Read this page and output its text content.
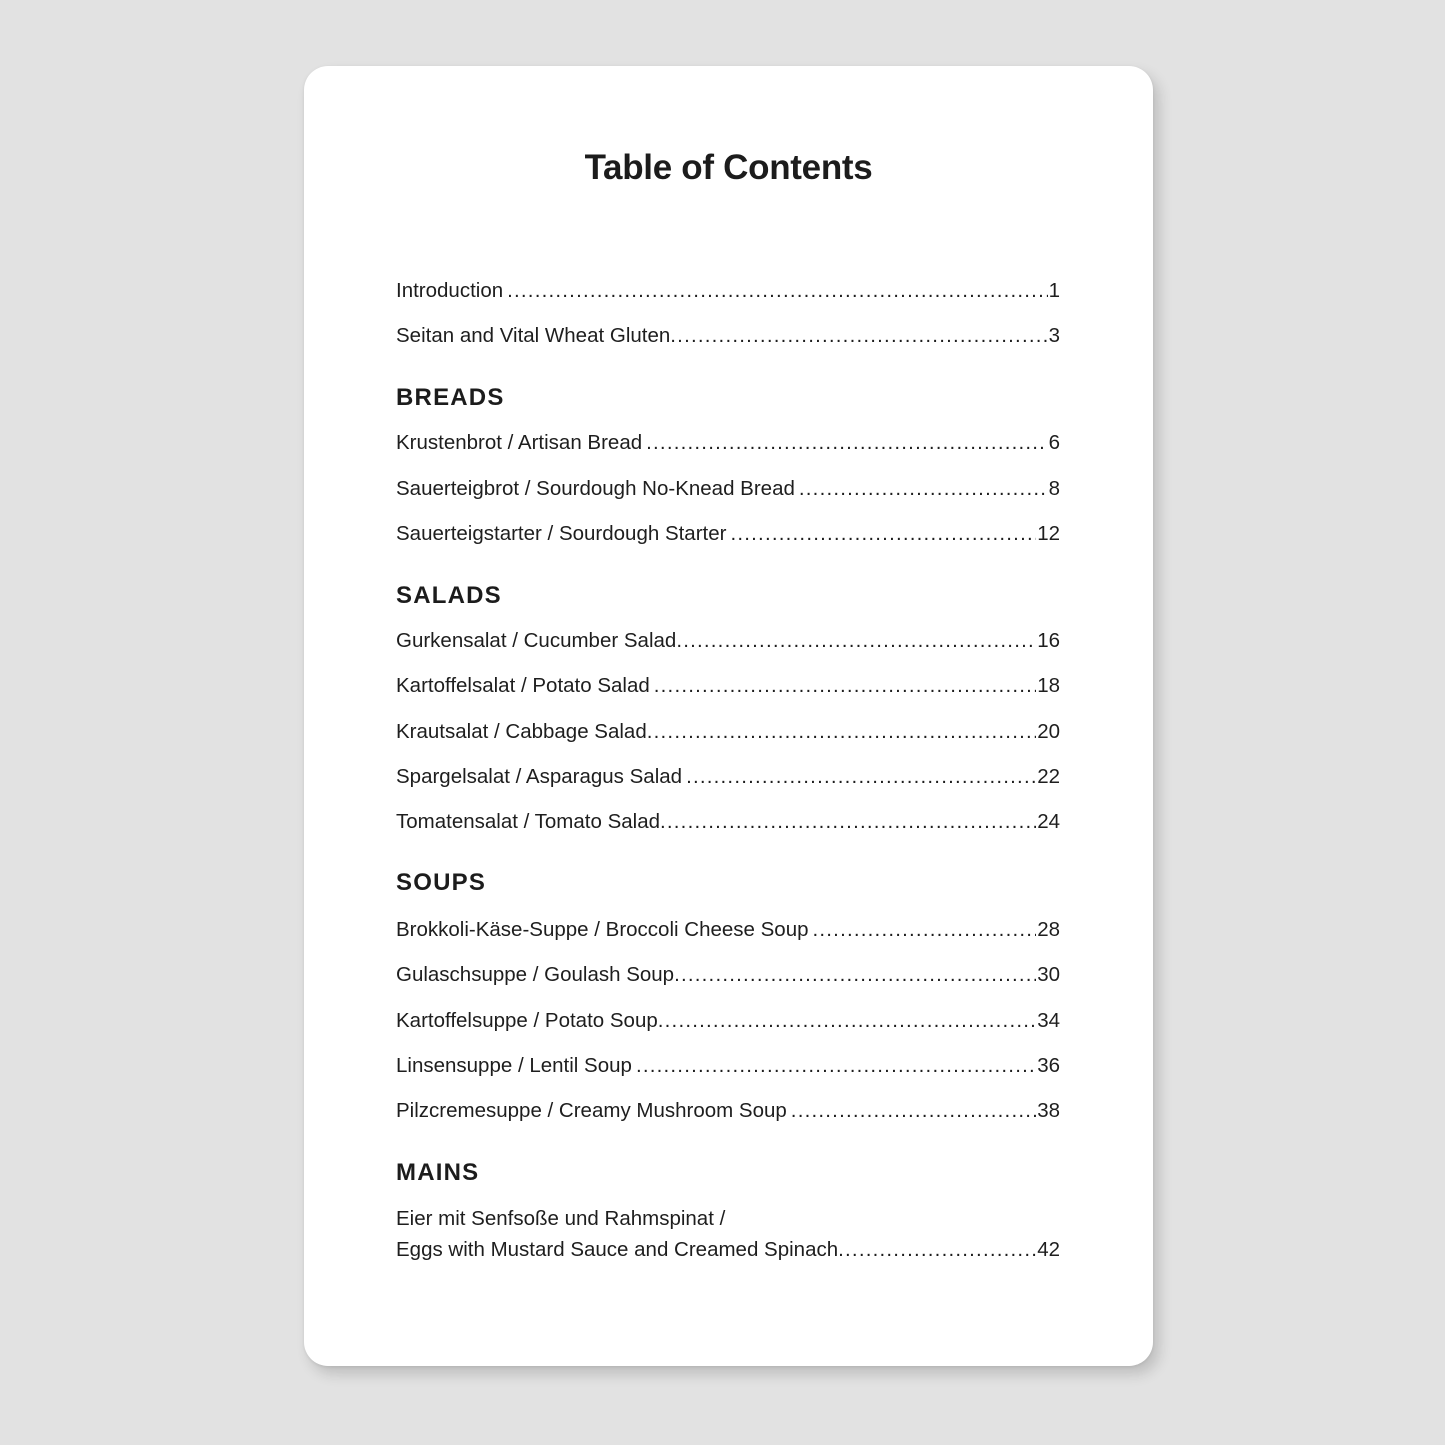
Table of Contents
Introduction .....	1
Seitan and Vital Wheat Gluten .....	3
BREADS
Krustenbrot / Artisan Bread .....	6
Sauerteigbrot / Sourdough No-Knead Bread .....	8
Sauerteigstarter / Sourdough Starter .....	12
SALADS
Gurkensalat / Cucumber Salad .....	16
Kartoffelsalat / Potato Salad .....	18
Krautsalat / Cabbage Salad .....	20
Spargelsalat / Asparagus Salad .....	22
Tomatensalat / Tomato Salad .....	24
SOUPS
Brokkoli-Käse-Suppe / Broccoli Cheese Soup .....	28
Gulaschsuppe / Goulash Soup .....	30
Kartoffelsuppe / Potato Soup .....	34
Linsensuppe / Lentil Soup .....	36
Pilzcremesuppe / Creamy Mushroom Soup .....	38
MAINS
Eier mit Senfsoße und Rahmspinat /
Eggs with Mustard Sauce and Creamed Spinach .....	42
